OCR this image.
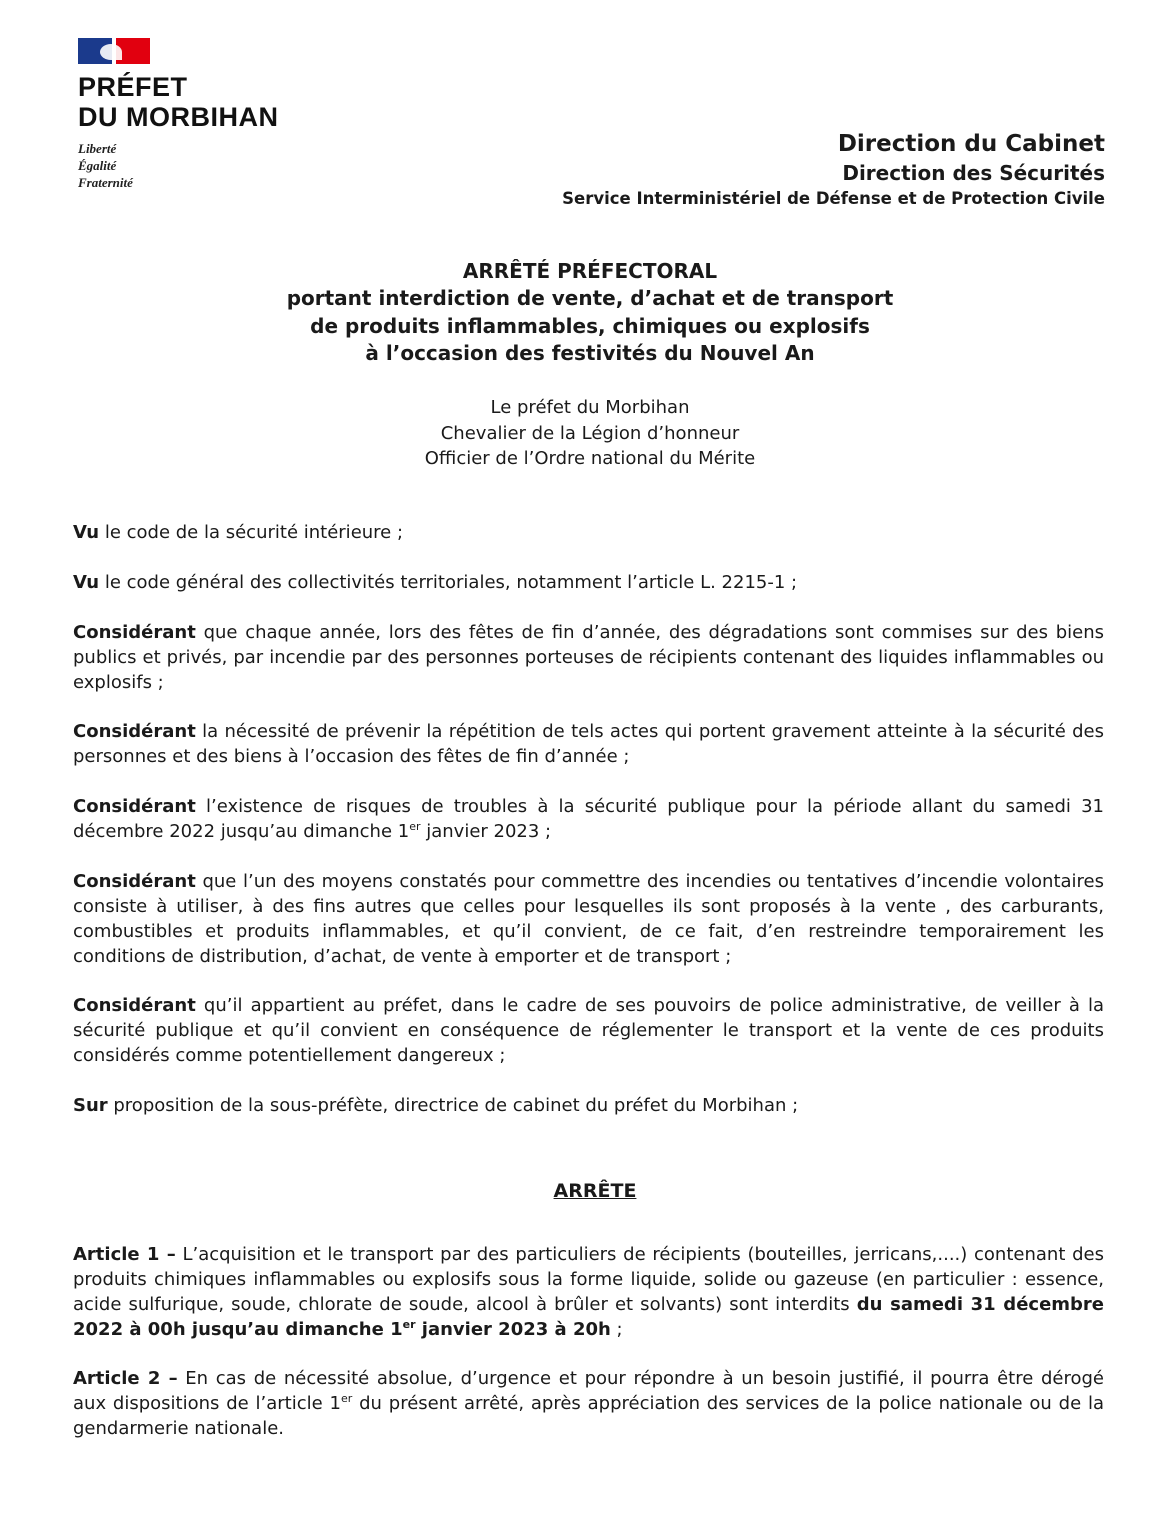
PRÉFET
DU MORBIHAN
Liberté
Égalité
Fraternité
Direction du Cabinet
Direction des Sécurités
Service Interministériel de Défense et de Protection Civile
ARRÊTÉ PRÉFECTORAL
portant interdiction de vente, d’achat et de transport
de produits inflammables, chimiques ou explosifs
à l’occasion des festivités du Nouvel An
Le préfet du Morbihan
Chevalier de la Légion d’honneur
Officier de l’Ordre national du Mérite

Vu le code de la sécurité intérieure ;

Vu le code général des collectivités territoriales, notamment l’article L. 2215-1 ;

Considérant que chaque année, lors des fêtes de fin d’année, des dégradations sont commises sur des biens publics et privés, par incendie par des personnes porteuses de récipients contenant des liquides inflammables ou explosifs ;

Considérant la nécessité de prévenir la répétition de tels actes qui portent gravement atteinte à la sécurité des personnes et des biens à l’occasion des fêtes de fin d’année ;

Considérant l’existence de risques de troubles à la sécurité publique pour la période allant du samedi 31 décembre 2022 jusqu’au dimanche 1er janvier 2023 ;

Considérant que l’un des moyens constatés pour commettre des incendies ou tentatives d’incendie volontaires consiste à utiliser, à des fins autres que celles pour lesquelles ils sont proposés à la vente , des carburants, combustibles et produits inflammables, et qu’il convient, de ce fait, d’en restreindre temporairement les conditions de distribution, d’achat, de vente à emporter et de transport ;

Considérant qu’il appartient au préfet, dans le cadre de ses pouvoirs de police administrative, de veiller à la sécurité publique et qu’il convient en conséquence de réglementer le transport et la vente de ces produits considérés comme potentiellement dangereux ;

Sur proposition de la sous-préfète, directrice de cabinet du préfet du Morbihan ;

ARRÊTE

Article 1 – L’acquisition et le transport par des particuliers de récipients (bouteilles, jerricans,....) contenant des produits chimiques inflammables ou explosifs sous la forme liquide, solide ou gazeuse (en particulier : essence, acide sulfurique, soude, chlorate de soude, alcool à brûler et solvants) sont interdits du samedi 31 décembre 2022 à 00h jusqu’au dimanche 1er janvier 2023 à 20h ;

Article 2 – En cas de nécessité absolue, d’urgence et pour répondre à un besoin justifié, il pourra être dérogé aux dispositions de l’article 1er du présent arrêté, après appréciation des services de la police nationale ou de la gendarmerie nationale.
